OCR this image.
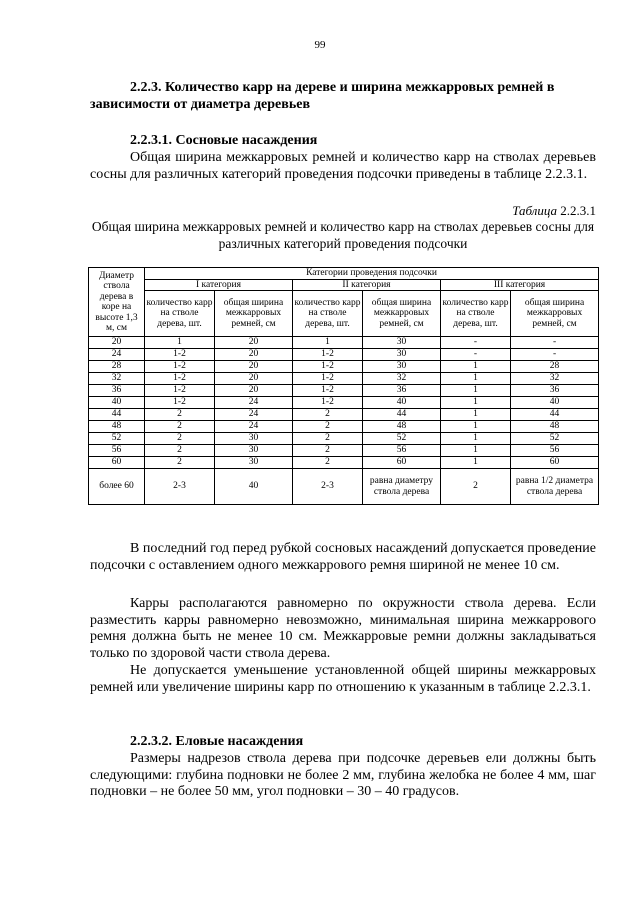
99
2.2.3. Количество карр на дереве и ширина межкарровых ремней в зависимости от диаметра деревьев
2.2.3.1. Сосновые насаждения
Общая ширина межкарровых ремней и количество карр на стволах деревьев сосны для различных категорий проведения подсочки приведены в таблице 2.2.3.1.
Таблица 2.2.3.1
Общая ширина межкарровых ремней и количество карр на стволах деревьев сосны для различных категорий проведения подсочки
Диаметр ствола дерева в коре на высоте 1,3 м, см	Категории проведения подсочки					
	I категория		II категория		III категория	
	количество карр на стволе дерева, шт.	общая ширина межкарровых ремней, см	количество карр на стволе дерева, шт.	общая ширина межкарровых ремней, см	количество карр на стволе дерева, шт.	общая ширина межкарровых ремней, см
20	1	20	1	30	-	-
24	1-2	20	1-2	30	-	-
28	1-2	20	1-2	30	1	28
32	1-2	20	1-2	32	1	32
36	1-2	20	1-2	36	1	36
40	1-2	24	1-2	40	1	40
44	2	24	2	44	1	44
48	2	24	2	48	1	48
52	2	30	2	52	1	52
56	2	30	2	56	1	56
60	2	30	2	60	1	60
более 60	2-3	40	2-3	равна диаметру ствола дерева	2	равна 1/2 диаметра ствола дерева
В последний год перед рубкой сосновых насаждений допускается проведение подсочки с оставлением одного межкаррового ремня шириной не менее 10 см.
Карры располагаются равномерно по окружности ствола дерева. Если разместить карры равномерно невозможно, минимальная ширина межкаррового ремня должна быть не менее 10 см. Межкарровые ремни должны закладываться только по здоровой части ствола дерева.
Не допускается уменьшение установленной общей ширины межкарровых ремней или увеличение ширины карр по отношению к указанным в таблице 2.2.3.1.
2.2.3.2. Еловые насаждения
Размеры надрезов ствола дерева при подсочке деревьев ели должны быть следующими: глубина подновки не более 2 мм, глубина желобка не более 4 мм, шаг подновки – не более 50 мм, угол подновки – 30 – 40 градусов.
